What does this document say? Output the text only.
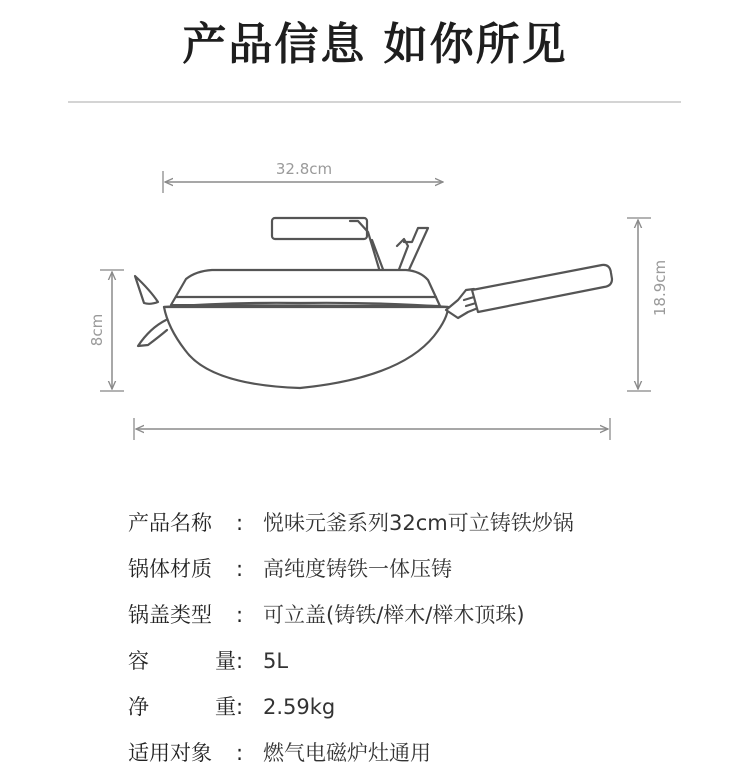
产品信息 如你所见
32.8cm
8cm
18.9cm
产品名称	: 悦味元釜系列32cm可立铸铁炒锅
锅体材质	: 高纯度铸铁一体压铸
锅盖类型	: 可立盖(铸铁/榉木/榉木顶珠)
容	量 : 5L
净	重 : 2.59kg
适用对象	: 燃气电磁炉灶通用
